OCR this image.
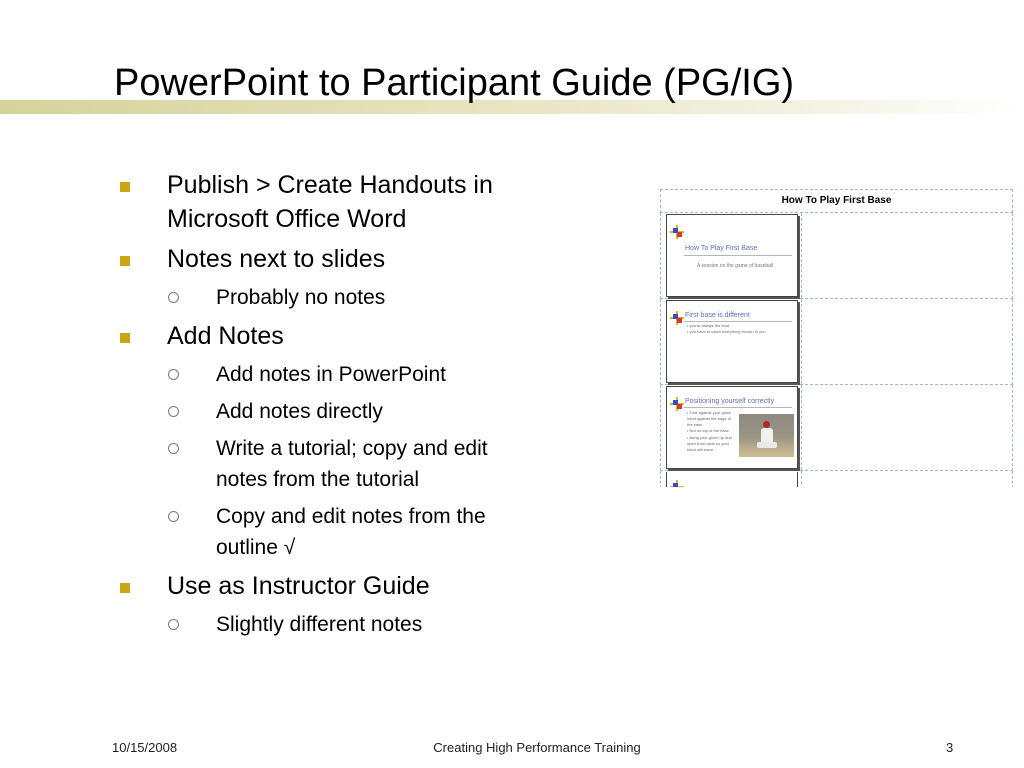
PowerPoint to Participant Guide (PG/IG)
Publish > Create Handouts in Microsoft Office Word
Notes next to slides
Probably no notes
Add Notes
Add notes in PowerPoint
Add notes directly
Write a tutorial; copy and edit notes from the tutorial
Copy and edit notes from the outline √
Use as Instructor Guide
Slightly different notes
How To Play First Base
How To Play First Base
A session on the game of baseball
First base is different
• you're always the lead
• you have to catch everything thrown to you
Positioning yourself correctly
• Foot against your glove hand against the edge of the base
• Not on top of the base
• Bring your glove up and open if set wide so your hand will show
10/15/2008	Creating High Performance Training	3
